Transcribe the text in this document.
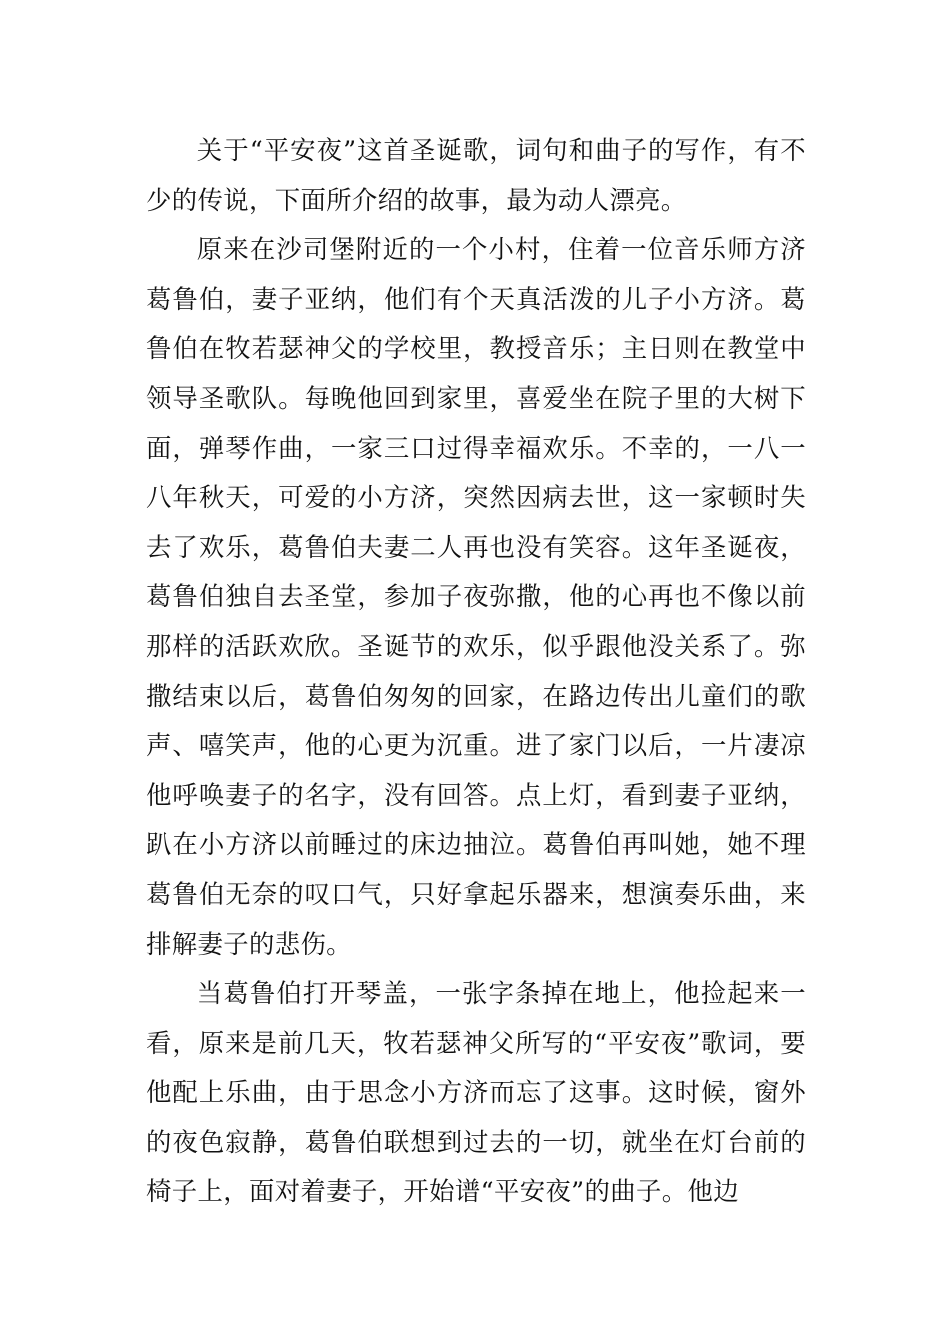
关于“平安夜”这首圣诞歌，词句和曲子的写作，有不少的传说，下面所介绍的故事，最为动人漂亮。

原来在沙司堡附近的一个小村，住着一位音乐师方济葛鲁伯，妻子亚纳，他们有个天真活泼的儿子小方济。葛鲁伯在牧若瑟神父的学校里，教授音乐；主日则在教堂中领导圣歌队。每晚他回到家里，喜爱坐在院子里的大树下面，弹琴作曲，一家三口过得幸福欢乐。不幸的，一八一八年秋天，可爱的小方济，突然因病去世，这一家顿时失去了欢乐，葛鲁伯夫妻二人再也没有笑容。这年圣诞夜，葛鲁伯独自去圣堂，参加子夜弥撒，他的心再也不像以前那样的活跃欢欣。圣诞节的欢乐，似乎跟他没关系了。弥撒结束以后，葛鲁伯匆匆的回家，在路边传出儿童们的歌声、嘻笑声，他的心更为沉重。进了家门以后，一片凄凉他呼唤妻子的名字，没有回答。点上灯，看到妻子亚纳，趴在小方济以前睡过的床边抽泣。葛鲁伯再叫她，她不理葛鲁伯无奈的叹口气，只好拿起乐器来，想演奏乐曲，来排解妻子的悲伤。

当葛鲁伯打开琴盖，一张字条掉在地上，他捡起来一看，原来是前几天，牧若瑟神父所写的“平安夜”歌词，要他配上乐曲，由于思念小方济而忘了这事。这时候，窗外的夜色寂静，葛鲁伯联想到过去的一切，就坐在灯台前的椅子上，面对着妻子，开始谱“平安夜”的曲子。他边
